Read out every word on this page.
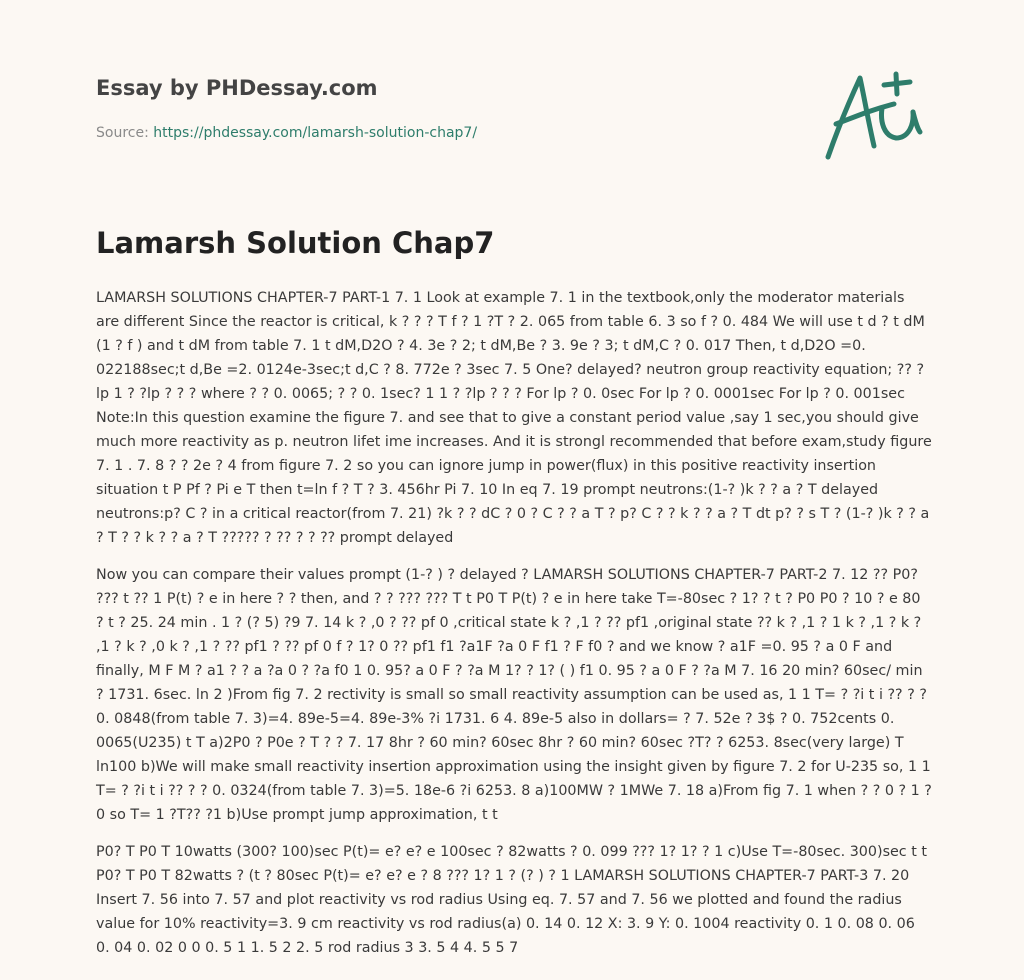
Essay by PHDessay.com
Source: https://phdessay.com/lamarsh-solution-chap7/
Lamarsh Solution Chap7

LAMARSH SOLUTIONS CHAPTER-7 PART-1 7. 1 Look at example 7. 1 in the textbook,only the moderator materials are different Since the reactor is critical, k ? ? ? T f ? 1 ?T ? 2. 065 from table 6. 3 so f ? 0. 484 We will use t d ? t dM (1 ? f ) and t dM from table 7. 1 t dM,D2O ? 4. 3e ? 2; t dM,Be ? 3. 9e ? 3; t dM,C ? 0. 017 Then, t d,D2O =0. 022188sec;t d,Be =2. 0124e-3sec;t d,C ? 8. 772e ? 3sec 7. 5 One? delayed? neutron group reactivity equation; ?? ?lp 1 ? ?lp ? ? ? where ? ? 0. 0065; ? ? 0. 1sec? 1 1 ? ?lp ? ? ? For lp ? 0. 0sec For lp ? 0. 0001sec For lp ? 0. 001sec Note:In this question examine the figure 7. and see that to give a constant period value ,say 1 sec,you should give much more reactivity as p. neutron lifet ime increases. And it is strongl recommended that before exam,study figure 7. 1 . 7. 8 ? ? 2e ? 4 from figure 7. 2 so you can ignore jump in power(flux) in this positive reactivity insertion situation t P Pf ? Pi e T then t=ln f ? T ? 3. 456hr Pi 7. 10 In eq 7. 19 prompt neutrons:(1-? )k ? ? a ? T delayed neutrons:p? C ? in a critical reactor(from 7. 21) ?k ? ? dC ? 0 ? C ? ? a T ? p? C ? ? k ? ? a ? T dt p? ? s T ? (1-? )k ? ? a ? T ? ? k ? ? a ? T ????? ? ?? ? ? ?? prompt delayed

Now you can compare their values prompt (1-? ) ? delayed ? LAMARSH SOLUTIONS CHAPTER-7 PART-2 7. 12 ?? P0? ??? t ?? 1 P(t) ? e in here ? ? then, and ? ? ??? ??? T t P0 T P(t) ? e in here take T=-80sec ? 1? ? t ? P0 P0 ? 10 ? e 80 ? t ? 25. 24 min . 1 ? (? 5) ?9 7. 14 k ? ,0 ? ?? pf 0 ,critical state k ? ,1 ? ?? pf1 ,original state ?? k ? ,1 ? 1 k ? ,1 ? k ? ,1 ? k ? ,0 k ? ,1 ? ?? pf1 ? ?? pf 0 f ? 1? 0 ?? pf1 f1 ?a1F ?a 0 F f1 ? F f0 ? and we know ? a1F =0. 95 ? a 0 F and finally, M F M ? a1 ? ? a ?a 0 ? ?a f0 1 0. 95? a 0 F ? ?a M 1? ? 1? ( ) f1 0. 95 ? a 0 F ? ?a M 7. 16 20 min? 60sec/ min ? 1731. 6sec. ln 2 )From fig 7. 2 rectivity is small so small reactivity assumption can be used as, 1 1 T= ? ?i t i ?? ? ? 0. 0848(from table 7. 3)=4. 89e-5=4. 89e-3% ?i 1731. 6 4. 89e-5 also in dollars= ? 7. 52e ? 3$ ? 0. 752cents 0. 0065(U235) t T a)2P0 ? P0e ? T ? ? 7. 17 8hr ? 60 min? 60sec 8hr ? 60 min? 60sec ?T? ? 6253. 8sec(very large) T ln100 b)We will make small reactivity insertion approximation using the insight given by figure 7. 2 for U-235 so, 1 1 T= ? ?i t i ?? ? ? 0. 0324(from table 7. 3)=5. 18e-6 ?i 6253. 8 a)100MW ? 1MWe 7. 18 a)From fig 7. 1 when ? ? 0 ? 1 ? 0 so T= 1 ?T?? ?1 b)Use prompt jump approximation, t t

P0? T P0 T 10watts (300? 100)sec P(t)= e? e? e 100sec ? 82watts ? 0. 099 ??? 1? 1? ? 1 c)Use T=-80sec. 300)sec t t P0? T P0 T 82watts ? (t ? 80sec P(t)= e? e? e ? 8 ??? 1? 1 ? (? ) ? 1 LAMARSH SOLUTIONS CHAPTER-7 PART-3 7. 20 Insert 7. 56 into 7. 57 and plot reactivity vs rod radius Using eq. 7. 57 and 7. 56 we plotted and found the radius value for 10% reactivity=3. 9 cm reactivity vs rod radius(a) 0. 14 0. 12 X: 3. 9 Y: 0. 1004 reactivity 0. 1 0. 08 0. 06 0. 04 0. 02 0 0 0. 5 1 1. 5 2 2. 5 rod radius 3 3. 5 4 4. 5 5 7
